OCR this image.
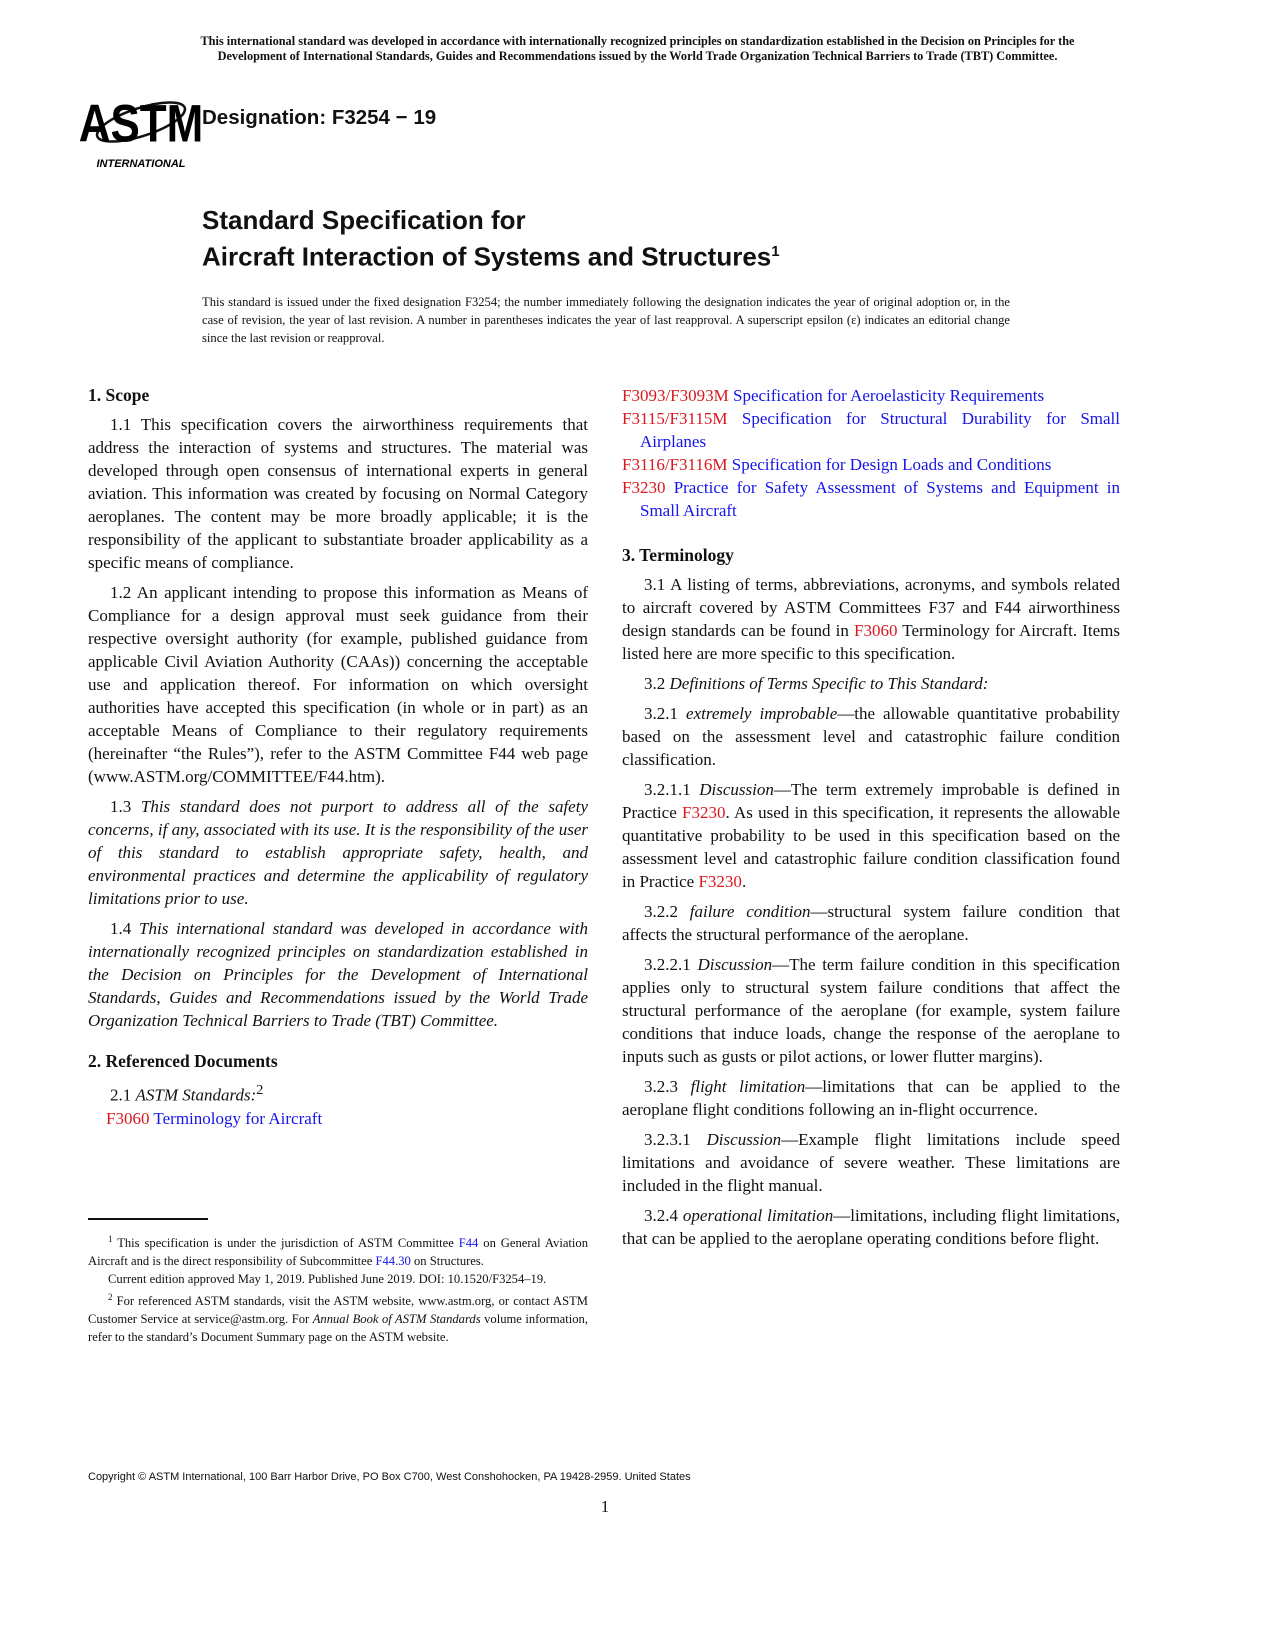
This international standard was developed in accordance with internationally recognized principles on standardization established in the Decision on Principles for the
Development of International Standards, Guides and Recommendations issued by the World Trade Organization Technical Barriers to Trade (TBT) Committee.
ASTM
INTERNATIONAL
Designation: F3254 − 19
Standard Specification for
Aircraft Interaction of Systems and Structures$^1$
This standard is issued under the fixed designation F3254; the number immediately following the designation indicates the year of original adoption or, in the case of revision, the year of last revision. A number in parentheses indicates the year of last reapproval. A superscript epsilon (ε) indicates an editorial change since the last revision or reapproval.
1. Scope

1.1 This specification covers the airworthiness requirements that address the interaction of systems and structures. The material was developed through open consensus of international experts in general aviation. This information was created by focusing on Normal Category aeroplanes. The content may be more broadly applicable; it is the responsibility of the applicant to substantiate broader applicability as a specific means of compliance.

1.2 An applicant intending to propose this information as Means of Compliance for a design approval must seek guidance from their respective oversight authority (for example, published guidance from applicable Civil Aviation Authority (CAAs)) concerning the acceptable use and application thereof. For information on which oversight authorities have accepted this specification (in whole or in part) as an acceptable Means of Compliance to their regulatory requirements (hereinafter “the Rules”), refer to the ASTM Committee F44 web page (www.ASTM.org/COMMITTEE/F44.htm).

1.3 This standard does not purport to address all of the safety concerns, if any, associated with its use. It is the responsibility of the user of this standard to establish appropriate safety, health, and environmental practices and determine the applicability of regulatory limitations prior to use.

1.4 This international standard was developed in accordance with internationally recognized principles on standardization established in the Decision on Principles for the Development of International Standards, Guides and Recommendations issued by the World Trade Organization Technical Barriers to Trade (TBT) Committee.

2. Referenced Documents

2.1 ASTM Standards:$^2$

F3060 Terminology for Aircraft

F3093/F3093M Specification for Aeroelasticity Requirements

F3115/F3115M Specification for Structural Durability for Small Airplanes

F3116/F3116M Specification for Design Loads and Conditions

F3230 Practice for Safety Assessment of Systems and Equipment in Small Aircraft

3. Terminology

3.1 A listing of terms, abbreviations, acronyms, and symbols related to aircraft covered by ASTM Committees F37 and F44 airworthiness design standards can be found in F3060 Terminology for Aircraft. Items listed here are more specific to this specification.

3.2 Definitions of Terms Specific to This Standard:

3.2.1 extremely improbable—the allowable quantitative probability based on the assessment level and catastrophic failure condition classification.

3.2.1.1 Discussion—The term extremely improbable is defined in Practice F3230. As used in this specification, it represents the allowable quantitative probability to be used in this specification based on the assessment level and catastrophic failure condition classification found in Practice F3230.

3.2.2 failure condition—structural system failure condition that affects the structural performance of the aeroplane.

3.2.2.1 Discussion—The term failure condition in this specification applies only to structural system failure conditions that affect the structural performance of the aeroplane (for example, system failure conditions that induce loads, change the response of the aeroplane to inputs such as gusts or pilot actions, or lower flutter margins).

3.2.3 flight limitation—limitations that can be applied to the aeroplane flight conditions following an in-flight occurrence.

3.2.3.1 Discussion—Example flight limitations include speed limitations and avoidance of severe weather. These limitations are included in the flight manual.

3.2.4 operational limitation—limitations, including flight limitations, that can be applied to the aeroplane operating conditions before flight.

$^1$ This specification is under the jurisdiction of ASTM Committee F44 on General Aviation Aircraft and is the direct responsibility of Subcommittee F44.30 on Structures.

Current edition approved May 1, 2019. Published June 2019. DOI: 10.1520/F3254–19.

$^2$ For referenced ASTM standards, visit the ASTM website, www.astm.org, or contact ASTM Customer Service at service@astm.org. For Annual Book of ASTM Standards volume information, refer to the standard’s Document Summary page on the ASTM website.

Copyright © ASTM International, 100 Barr Harbor Drive, PO Box C700, West Conshohocken, PA 19428-2959. United States
1
